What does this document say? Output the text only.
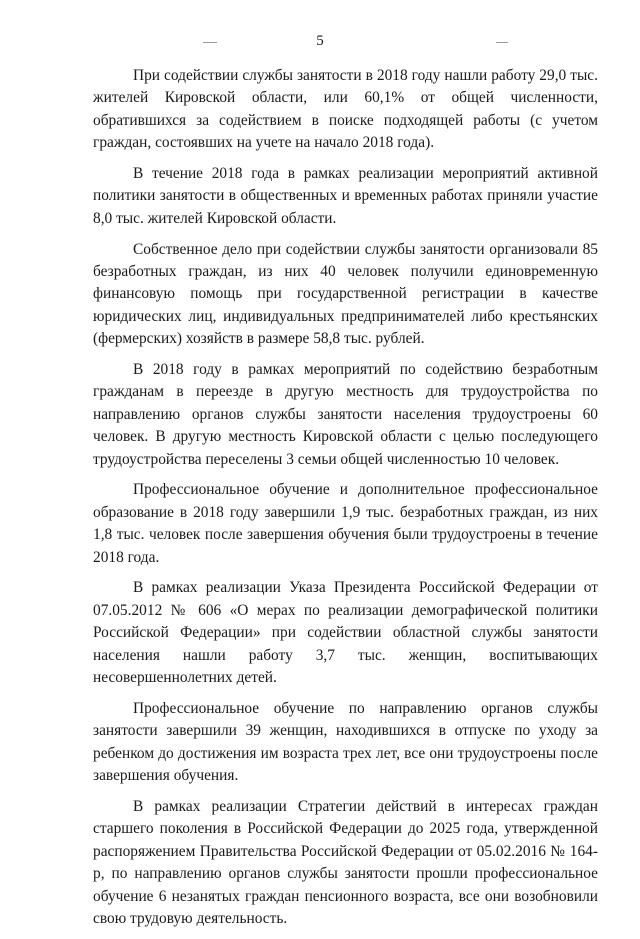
5

При содействии службы занятости в 2018 году нашли работу 29,0 тыс. жителей Кировской области, или 60,1% от общей численности, обратившихся за содействием в поиске подходящей работы (с учетом граждан, состоявших на учете на начало 2018 года).

В течение 2018 года в рамках реализации мероприятий активной политики занятости в общественных и временных работах приняли участие 8,0 тыс. жителей Кировской области.

Собственное дело при содействии службы занятости организовали 85 безработных граждан, из них 40 человек получили единовременную финансовую помощь при государственной регистрации в качестве юридических лиц, индивидуальных предпринимателей либо крестьянских (фермерских) хозяйств в размере 58,8 тыс. рублей.

В 2018 году в рамках мероприятий по содействию безработным гражданам в переезде в другую местность для трудоустройства по направлению органов службы занятости населения трудоустроены 60 человек. В другую местность Кировской области с целью последующего трудоустройства переселены 3 семьи общей численностью 10 человек.

Профессиональное обучение и дополнительное профессиональное образование в 2018 году завершили 1,9 тыс. безработных граждан, из них 1,8 тыс. человек после завершения обучения были трудоустроены в течение 2018 года.

В рамках реализации Указа Президента Российской Федерации от 07.05.2012 № 606 «О мерах по реализации демографической политики Российской Федерации» при содействии областной службы занятости населения нашли работу 3,7 тыс. женщин, воспитывающих несовершеннолетних детей.

Профессиональное обучение по направлению органов службы занятости завершили 39 женщин, находившихся в отпуске по уходу за ребенком до достижения им возраста трех лет, все они трудоустроены после завершения обучения.

В рамках реализации Стратегии действий в интересах граждан старшего поколения в Российской Федерации до 2025 года, утвержденной распоряжением Правительства Российской Федерации от 05.02.2016 № 164-р, по направлению органов службы занятости прошли профессиональное обучение 6 незанятых граждан пенсионного возраста, все они возобновили свою трудовую деятельность.
